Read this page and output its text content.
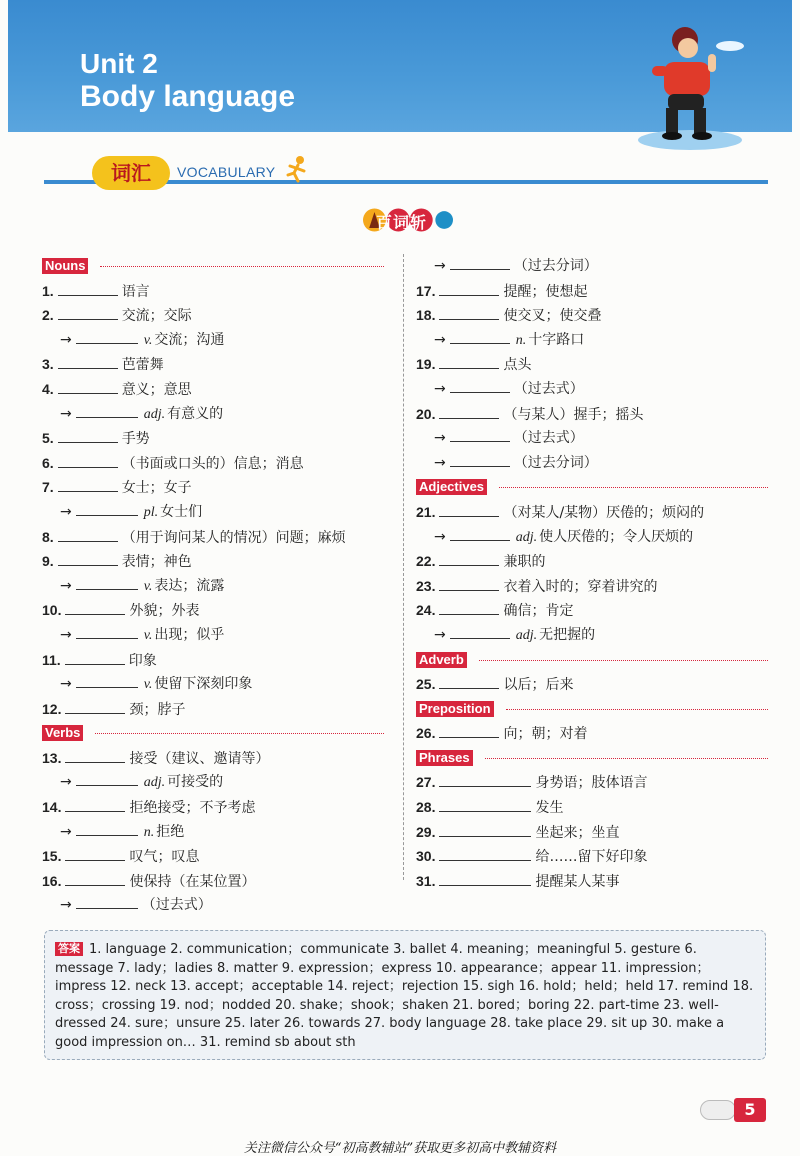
Unit 2
Body language
词汇	VOCABULARY
百词斩
Nouns
1.	语言
2.	交流；交际
→	v. 交流；沟通
3.	芭蕾舞
4.	意义；意思
→	adj. 有意义的
5.	手势
6.	（书面或口头的）信息；消息
7.	女士；女子
→	pl. 女士们
8.	（用于询问某人的情况）问题；麻烦
9.	表情；神色
→	v. 表达；流露
10.	外貌；外表
→	v. 出现；似乎
11.	印象
→	v. 使留下深刻印象
12.	颈；脖子
Verbs
13.	接受（建议、邀请等）
→	adj. 可接受的
14.	拒绝接受；不予考虑
→	n. 拒绝
15.	叹气；叹息
16.	使保持（在某位置）
→	（过去式）
→	（过去分词）
17.	提醒；使想起
18.	使交叉；使交叠
→	n. 十字路口
19.	点头
→	（过去式）
20.	（与某人）握手；摇头
→	（过去式）
→	（过去分词）
Adjectives
21.	（对某人/某物）厌倦的；烦闷的
→	adj. 使人厌倦的；令人厌烦的
22.	兼职的
23.	衣着入时的；穿着讲究的
24.	确信；肯定
→	adj. 无把握的
Adverb
25.	以后；后来
Preposition
26.	向；朝；对着
Phrases
27.	身势语；肢体语言
28.	发生
29.	坐起来；坐直
30.	给……留下好印象
31.	提醒某人某事
答案 1. language 2. communication；communicate 3. ballet 4. meaning；meaningful 5. gesture 6. message 7. lady；ladies 8. matter 9. expression；express 10. appearance；appear 11. impression；impress 12. neck 13. accept；acceptable 14. reject；rejection 15. sigh 16. hold；held；held 17. remind 18. cross；crossing 19. nod；nodded 20. shake；shook；shaken 21. bored；boring 22. part-time 23. well-dressed 24. sure；unsure 25. later 26. towards 27. body language 28. take place 29. sit up 30. make a good impression on… 31. remind sb about sth
5
关注微信公众号“初高教辅站”获取更多初高中教辅资料
